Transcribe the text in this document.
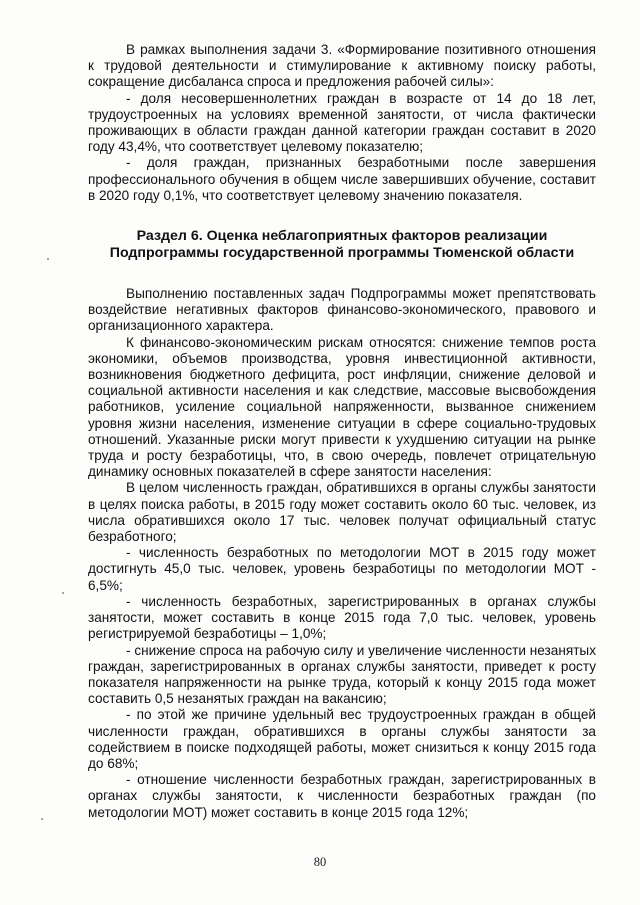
В рамках выполнения задачи 3. «Формирование позитивного отношения к трудовой деятельности и стимулирование к активному поиску работы, сокращение дисбаланса спроса и предложения рабочей силы»:

- доля несовершеннолетних граждан в возрасте от 14 до 18 лет, трудоустроенных на условиях временной занятости, от числа фактически проживающих в области граждан данной категории граждан составит в 2020 году 43,4%, что соответствует целевому показателю;

- доля граждан, признанных безработными после завершения профессионального обучения в общем числе завершивших обучение, составит в 2020 году 0,1%, что соответствует целевому значению показателя.

Раздел 6. Оценка неблагоприятных факторов реализации
Подпрограммы государственной программы Тюменской области

Выполнению поставленных задач Подпрограммы может препятствовать воздействие негативных факторов финансово-экономического, правового и организационного характера.

К финансово-экономическим рискам относятся: снижение темпов роста экономики, объемов производства, уровня инвестиционной активности, возникновения бюджетного дефицита, рост инфляции, снижение деловой и социальной активности населения и как следствие, массовые высвобождения работников, усиление социальной напряженности, вызванное снижением уровня жизни населения, изменение ситуации в сфере социально-трудовых отношений. Указанные риски могут привести к ухудшению ситуации на рынке труда и росту безработицы, что, в свою очередь, повлечет отрицательную динамику основных показателей в сфере занятости населения:

В целом численность граждан, обратившихся в органы службы занятости в целях поиска работы, в 2015 году может составить около 60 тыс. человек, из числа обратившихся около 17 тыс. человек получат официальный статус безработного;

- численность безработных по методологии МОТ в 2015 году может достигнуть 45,0 тыс. человек, уровень безработицы по методологии МОТ - 6,5%;

- численность безработных, зарегистрированных в органах службы занятости, может составить в конце 2015 года 7,0 тыс. человек, уровень регистрируемой безработицы – 1,0%;

- снижение спроса на рабочую силу и увеличение численности незанятых граждан, зарегистрированных в органах службы занятости, приведет к росту показателя напряженности на рынке труда, который к концу 2015 года может составить 0,5 незанятых граждан на вакансию;

- по этой же причине удельный вес трудоустроенных граждан в общей численности граждан, обратившихся в органы службы занятости за содействием в поиске подходящей работы, может снизиться к концу 2015 года до 68%;

- отношение численности безработных граждан, зарегистрированных в органах службы занятости, к численности безработных граждан (по методологии МОТ) может составить в конце 2015 года 12%;

80
